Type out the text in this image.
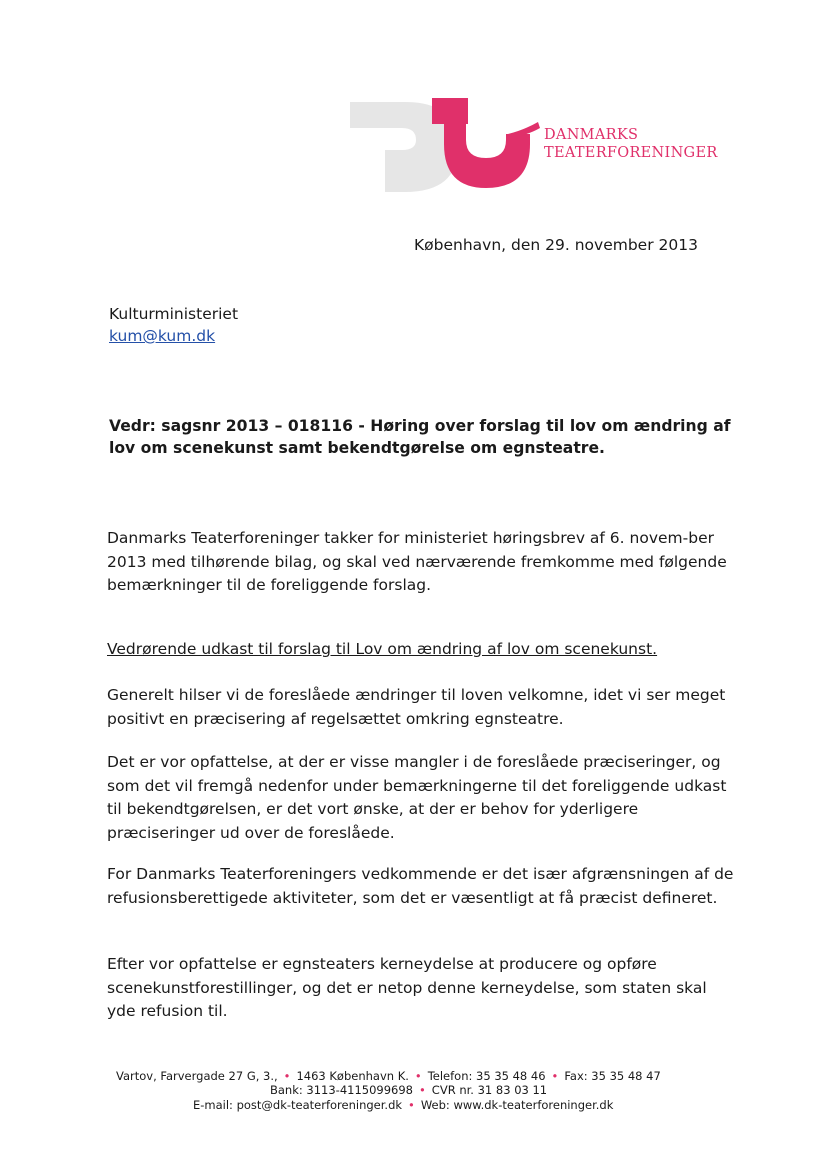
DANMARKS
TEATERFORENINGER
København, den 29. november 2013
Kulturministeriet
kum@kum.dk
Vedr: sagsnr 2013 – 018116 - Høring over forslag til lov om ændring af lov om scenekunst samt bekendtgørelse om egnsteatre.
Danmarks Teaterforeninger takker for ministeriet høringsbrev af 6. novem-ber 2013 med tilhørende bilag, og skal ved nærværende fremkomme med følgende bemærkninger til de foreliggende forslag.
Vedrørende udkast til forslag til Lov om ændring af lov om scenekunst.
Generelt hilser vi de foreslåede ændringer til loven velkomne, idet vi ser meget positivt en præcisering af regelsættet omkring egnsteatre.
Det er vor opfattelse, at der er visse mangler i de foreslåede præciseringer, og som det vil fremgå nedenfor under bemærkningerne til det foreliggende udkast til bekendtgørelsen, er det vort ønske, at der er behov for yderligere præciseringer ud over de foreslåede.
For Danmarks Teaterforeningers vedkommende er det især afgrænsningen af de refusionsberettigede aktiviteter, som det er væsentligt at få præcist defineret.
Efter vor opfattelse er egnsteaters kerneydelse at producere og opføre scenekunstforestillinger, og det er netop denne kerneydelse, som staten skal yde refusion til.
Vartov, Farvergade 27 G, 3., • 1463 København K. • Telefon: 35 35 48 46 • Fax: 35 35 48 47
Bank: 3113-4115099698 • CVR nr. 31 83 03 11
E-mail: post@dk-teaterforeninger.dk • Web: www.dk-teaterforeninger.dk
